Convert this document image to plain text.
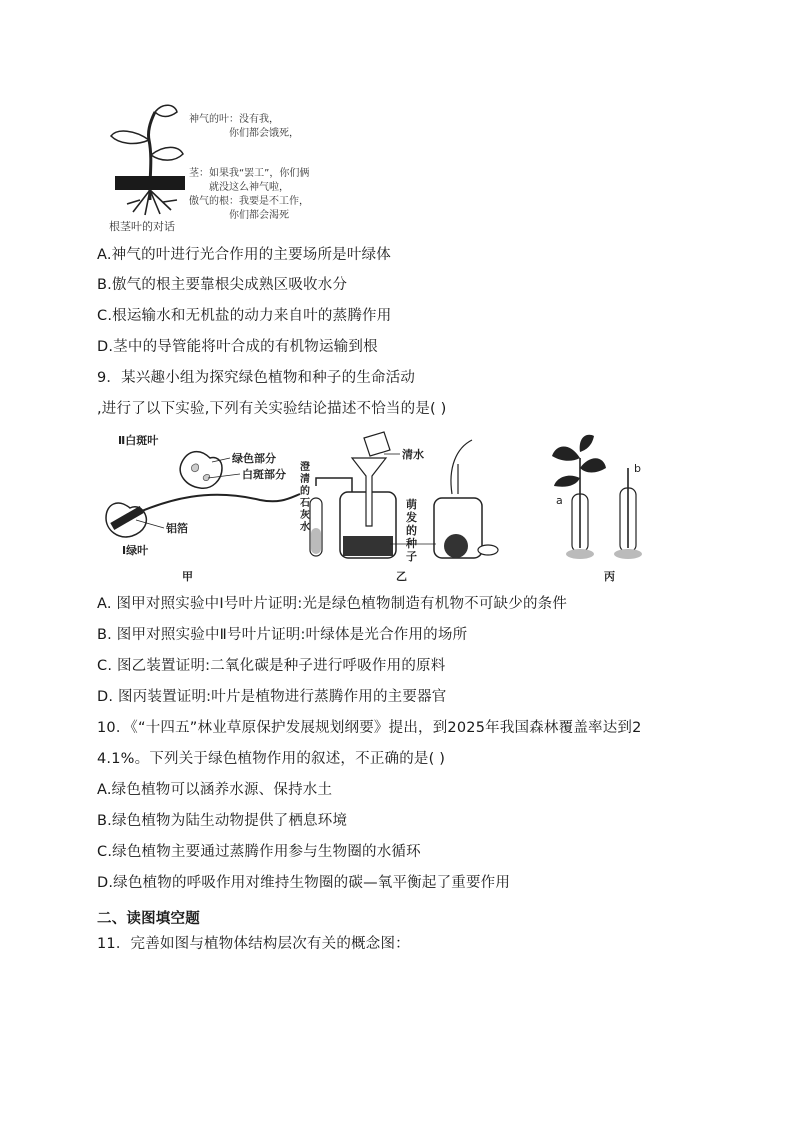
根茎叶的对话
神气的叶：没有我，
你们都会饿死，
茎：如果我“罢工”，你们俩
就没这么神气啦，
傲气的根：我要是不工作，
你们都会渴死
A.神气的叶进行光合作用的主要场所是叶绿体
B.傲气的根主要靠根尖成熟区吸收水分
C.根运输水和无机盐的动力来自叶的蒸腾作用
D.茎中的导管能将叶合成的有机物运输到根
9．某兴趣小组为探究绿色植物和种子的生命活动
,进行了以下实验,下列有关实验结论描述不恰当的是( )
Ⅱ白斑叶
绿色部分
白斑部分
铝箔
Ⅰ绿叶
甲
清水
澄
清
的
石
灰
水
萌
发
的
种
子
乙
a
b
丙
A. 图甲对照实验中Ⅰ号叶片证明:光是绿色植物制造有机物不可缺少的条件
B. 图甲对照实验中Ⅱ号叶片证明:叶绿体是光合作用的场所
C. 图乙装置证明:二氧化碳是种子进行呼吸作用的原料
D. 图丙装置证明:叶片是植物进行蒸腾作用的主要器官
10．《“十四五”林业草原保护发展规划纲要》提出，到2025年我国森林覆盖率达到2
4.1%。下列关于绿色植物作用的叙述，不正确的是( )
A.绿色植物可以涵养水源、保持水土
B.绿色植物为陆生动物提供了栖息环境
C.绿色植物主要通过蒸腾作用参与生物圈的水循环
D.绿色植物的呼吸作用对维持生物圈的碳—氧平衡起了重要作用
二、读图填空题
11．完善如图与植物体结构层次有关的概念图：
